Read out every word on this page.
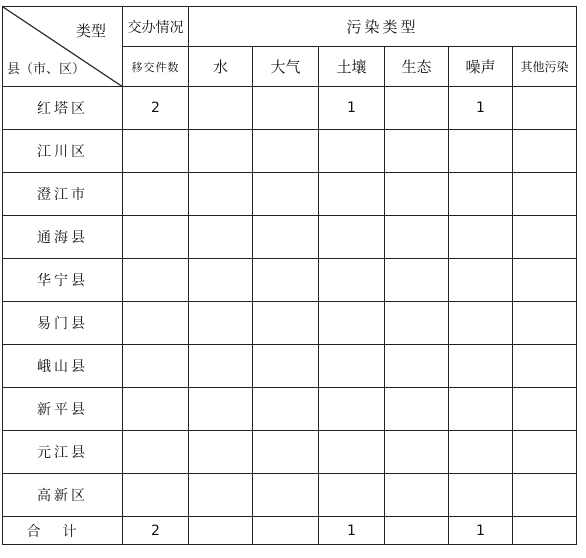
类型
县（市、区）	交办情况	污染类型					
	移交件数	水	大气	土壤	生态	噪声	其他污染
红塔区	2			1		1	
江川区							
澄江市							
通海县							
华宁县							
易门县							
峨山县							
新平县							
元江县							
高新区							
合计	2			1		1	
